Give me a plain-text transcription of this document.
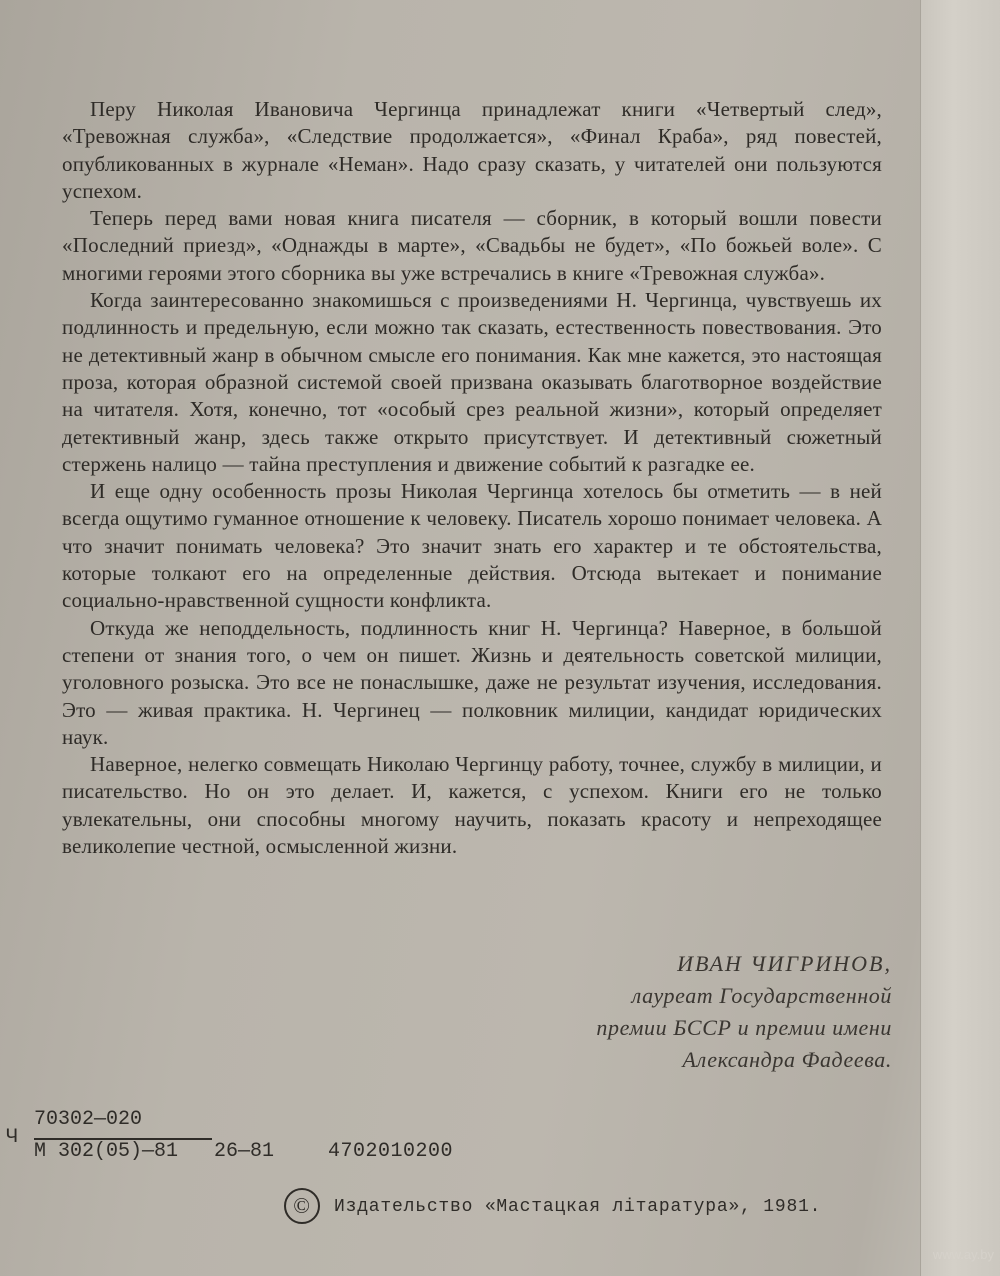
Перу Николая Ивановича Чергинца принадлежат книги «Четвертый след», «Тревожная служба», «Следствие продолжается», «Финал Краба», ряд повестей, опубликованных в журнале «Неман». Надо сразу сказать, у читателей они пользуются успехом.

Теперь перед вами новая книга писателя — сборник, в который вошли повести «Последний приезд», «Однажды в марте», «Свадьбы не будет», «По божьей воле». С многими героями этого сборника вы уже встречались в книге «Тревожная служба».

Когда заинтересованно знакомишься с произведениями Н. Чергинца, чувствуешь их подлинность и предельную, если можно так сказать, естественность повествования. Это не детективный жанр в обычном смысле его понимания. Как мне кажется, это настоящая проза, которая образной системой своей призвана оказывать благотворное воздействие на читателя. Хотя, конечно, тот «особый срез реальной жизни», который определяет детективный жанр, здесь также открыто присутствует. И детективный сюжетный стержень налицо — тайна преступления и движение событий к разгадке ее.

И еще одну особенность прозы Николая Чергинца хотелось бы отметить — в ней всегда ощутимо гуманное отношение к человеку. Писатель хорошо понимает человека. А что значит понимать человека? Это значит знать его характер и те обстоятельства, которые толкают его на определенные действия. Отсюда вытекает и понимание социально-нравственной сущности конфликта.

Откуда же неподдельность, подлинность книг Н. Чергинца? Наверное, в большой степени от знания того, о чем он пишет. Жизнь и деятельность советской милиции, уголовного розыска. Это все не понаслышке, даже не результат изучения, исследования. Это — живая практика. Н. Чергинец — полковник милиции, кандидат юридических наук.

Наверное, нелегко совмещать Николаю Чергинцу работу, точнее, службу в милиции, и писательство. Но он это делает. И, кажется, с успехом. Книги его не только увлекательны, они способны многому научить, показать красоту и непреходящее великолепие честной, осмысленной жизни.

ИВАН ЧИГРИНОВ,
лауреат Государственной
премии БССР и премии имени
Александра Фадеева.
Ч
70302—020
М 302(05)—81 26—81	4702010200
© Издательство «Мастацкая літаратура», 1981.
www.ay.by
